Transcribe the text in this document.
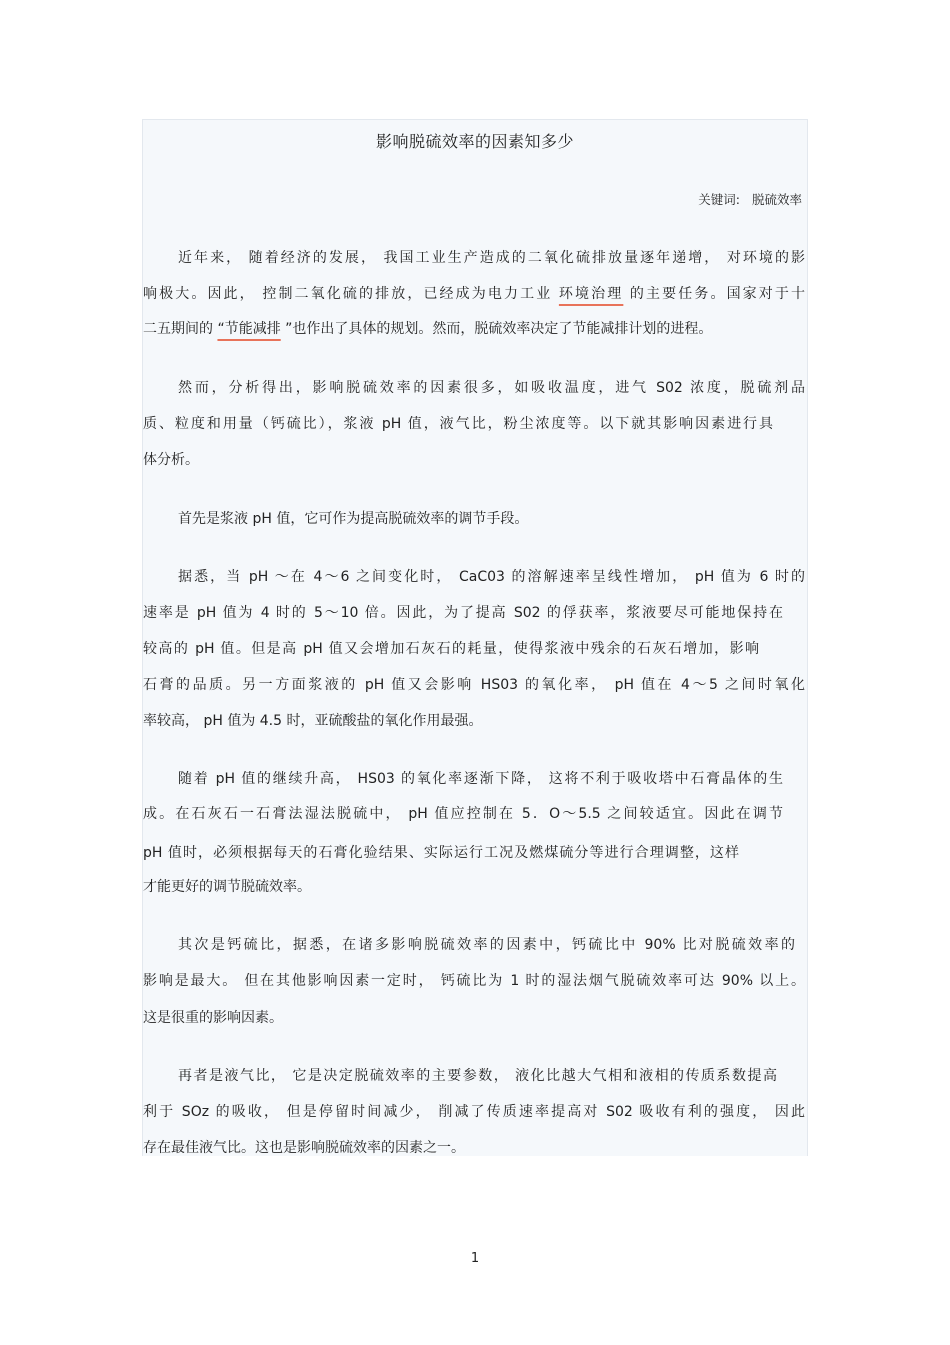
影响脱硫效率的因素知多少
关键词: 脱硫效率
近年来， 随着经济的发展， 我国工业生产造成的二氧化硫排放量逐年递增， 对环境的影
响极大。因此， 控制二氧化硫的排放，已经成为电力工业 环境治理 的主要任务。国家对于十
二五期间的 “节能减排 ”也作出了具体的规划。然而，脱硫效率决定了节能减排计划的进程。
然而，分析得出，影响脱硫效率的因素很多，如吸收温度，进气 S02 浓度，脱硫剂品
质、粒度和用量（钙硫比），浆液 pH 值，液气比，粉尘浓度等。以下就其影响因素进行具
体分析。
首先是浆液 pH 值，它可作为提高脱硫效率的调节手段。
据悉，当 pH ～在 4～6 之间变化时， CaC03 的溶解速率呈线性增加， pH 值为 6 时的
速率是 pH 值为 4 时的 5～10 倍。因此，为了提高 S02 的俘获率，浆液要尽可能地保持在
较高的 pH 值。但是高 pH 值又会增加石灰石的耗量，使得浆液中残余的石灰石增加，影响
石膏的品质。另一方面浆液的 pH 值又会影响 HS03 的氧化率， pH 值在 4～5 之间时氧化
率较高， pH 值为 4.5 时，亚硫酸盐的氧化作用最强。
随着 pH 值的继续升高， HS03 的氧化率逐渐下降， 这将不利于吸收塔中石膏晶体的生
成。在石灰石一石膏法湿法脱硫中， pH 值应控制在 5．O～5.5 之间较适宜。因此在调节
pH 值时，必须根据每天的石膏化验结果、实际运行工况及燃煤硫分等进行合理调整，这样
才能更好的调节脱硫效率。
其次是钙硫比，据悉，在诸多影响脱硫效率的因素中，钙硫比中 90% 比对脱硫效率的
影响是最大。 但在其他影响因素一定时， 钙硫比为 1 时的湿法烟气脱硫效率可达 90% 以上。
这是很重的影响因素。
再者是液气比， 它是决定脱硫效率的主要参数， 液化比越大气相和液相的传质系数提高
利于 SOz 的吸收， 但是停留时间减少， 削减了传质速率提高对 S02 吸收有利的强度， 因此
存在最佳液气比。这也是影响脱硫效率的因素之一。
1
